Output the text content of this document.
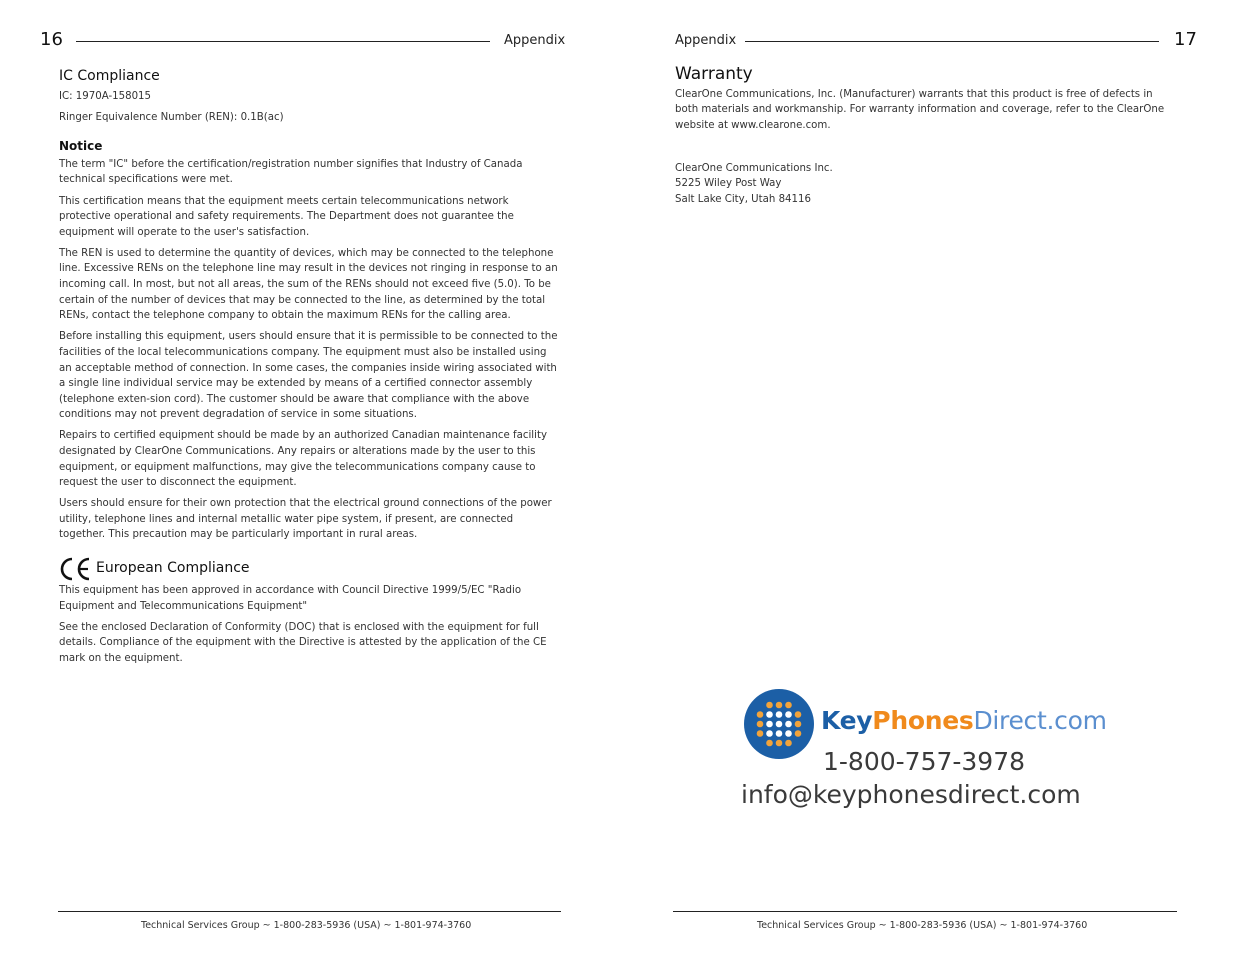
16	Appendix
IC Compliance

IC: 1970A-158015

Ringer Equivalence Number (REN): 0.1B(ac)

Notice

The term "IC" before the certification/registration number signifies that Industry of Canada technical specifications were met.

This certification means that the equipment meets certain telecommunications network protective operational and safety requirements. The Department does not guarantee the equipment will operate to the user's satisfaction.

The REN is used to determine the quantity of devices, which may be connected to the telephone line. Excessive RENs on the telephone line may result in the devices not ringing in response to an incoming call. In most, but not all areas, the sum of the RENs should not exceed five (5.0). To be certain of the number of devices that may be connected to the line, as determined by the total RENs, contact the telephone company to obtain the maximum RENs for the calling area.

Before installing this equipment, users should ensure that it is permissible to be connected to the facilities of the local telecommunications company. The equipment must also be installed using an acceptable method of connection. In some cases, the companies inside wiring associated with a single line individual service may be extended by means of a certified connector assembly (telephone exten-sion cord). The customer should be aware that compliance with the above conditions may not prevent degradation of service in some situations.

Repairs to certified equipment should be made by an authorized Canadian maintenance facility designated by ClearOne Communications. Any repairs or alterations made by the user to this equipment, or equipment malfunctions, may give the telecommunications company cause to request the user to disconnect the equipment.

Users should ensure for their own protection that the electrical ground connections of the power utility, telephone lines and internal metallic water pipe system, if present, are connected together. This precaution may be particularly important in rural areas.

European Compliance

This equipment has been approved in accordance with Council Directive 1999/5/EC "Radio Equipment and Telecommunications Equipment"

See the enclosed Declaration of Conformity (DOC) that is enclosed with the equipment for full details. Compliance of the equipment with the Directive is attested by the application of the CE mark on the equipment.

Technical Services Group ~ 1-800-283-5936 (USA) ~ 1-801-974-3760
Appendix	17
Warranty

ClearOne Communications, Inc. (Manufacturer) warrants that this product is free of defects in both materials and workmanship. For warranty information and coverage, refer to the ClearOne website at www.clearone.com.

ClearOne Communications Inc.
5225 Wiley Post Way
Salt Lake City, Utah 84116
KeyPhonesDirect.com
1-800-757-3978
info@keyphonesdirect.com
Technical Services Group ~ 1-800-283-5936 (USA) ~ 1-801-974-3760
